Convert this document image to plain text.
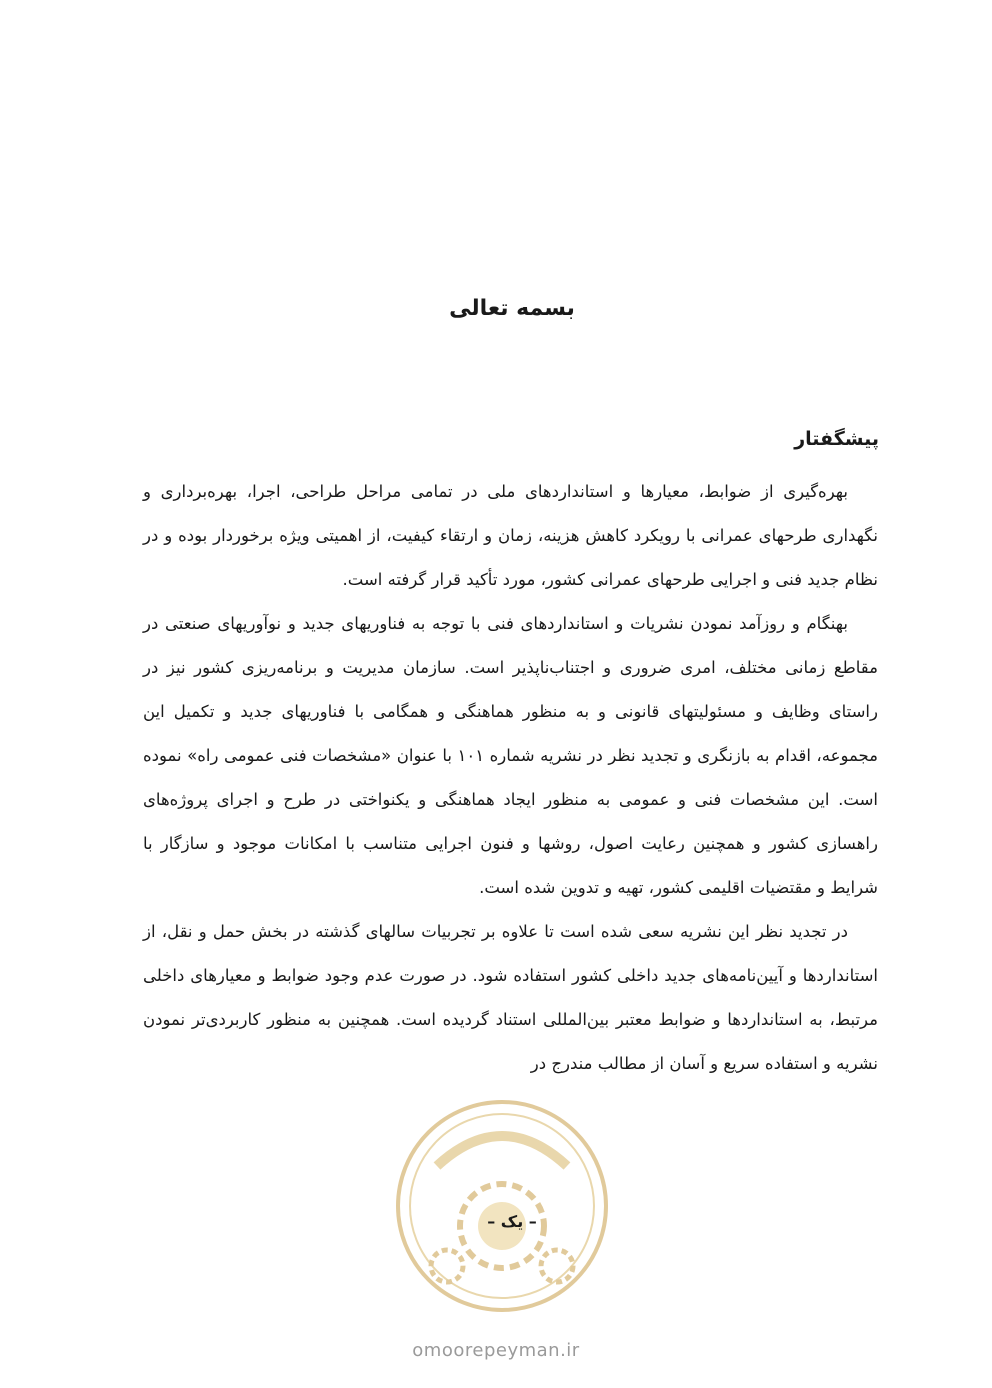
بسمه تعالی
پیشگفتار

بهره‌گیری از ضوابط، معیارها و استانداردهای ملی در تمامی مراحل طراحی، اجرا، بهره‌برداری و نگهداری طرحهای عمرانی با رویکرد کاهش هزینه، زمان و ارتقاء کیفیت، از اهمیتی ویژه برخوردار بوده و در نظام جدید فنی و اجرایی طرحهای عمرانی کشور، مورد تأکید قرار گرفته است.

بهنگام و روزآمد نمودن نشریات و استانداردهای فنی با توجه به فناوریهای جدید و نوآوریهای صنعتی در مقاطع زمانی مختلف، امری ضروری و اجتناب‌ناپذیر است. سازمان مدیریت و برنامه‌ریزی کشور نیز در راستای وظایف و مسئولیتهای قانونی و به منظور هماهنگی و همگامی با فناوریهای جدید و تکمیل این مجموعه، اقدام به بازنگری و تجدید نظر در نشریه شماره ۱۰۱ با عنوان «مشخصات فنی عمومی راه» نموده است. این مشخصات فنی و عمومی به منظور ایجاد هماهنگی و یکنواختی در طرح و اجرای پروژه‌های راهسازی کشور و همچنین رعایت اصول، روشها و فنون اجرایی متناسب با امکانات موجود و سازگار با شرایط و مقتضیات اقلیمی کشور، تهیه و تدوین شده است.

در تجدید نظر این نشریه سعی شده است تا علاوه بر تجربیات سالهای گذشته در بخش حمل و نقل، از استانداردها و آیین‌نامه‌های جدید داخلی کشور استفاده شود. در صورت عدم وجود ضوابط و معیارهای داخلی مرتبط، به استانداردها و ضوابط معتبر بین‌المللی استناد گردیده است. همچنین به منظور کاربردی‌تر نمودن نشریه و استفاده سریع و آسان از مطالب مندرج در

– یک –
omoorepeyman.ir
